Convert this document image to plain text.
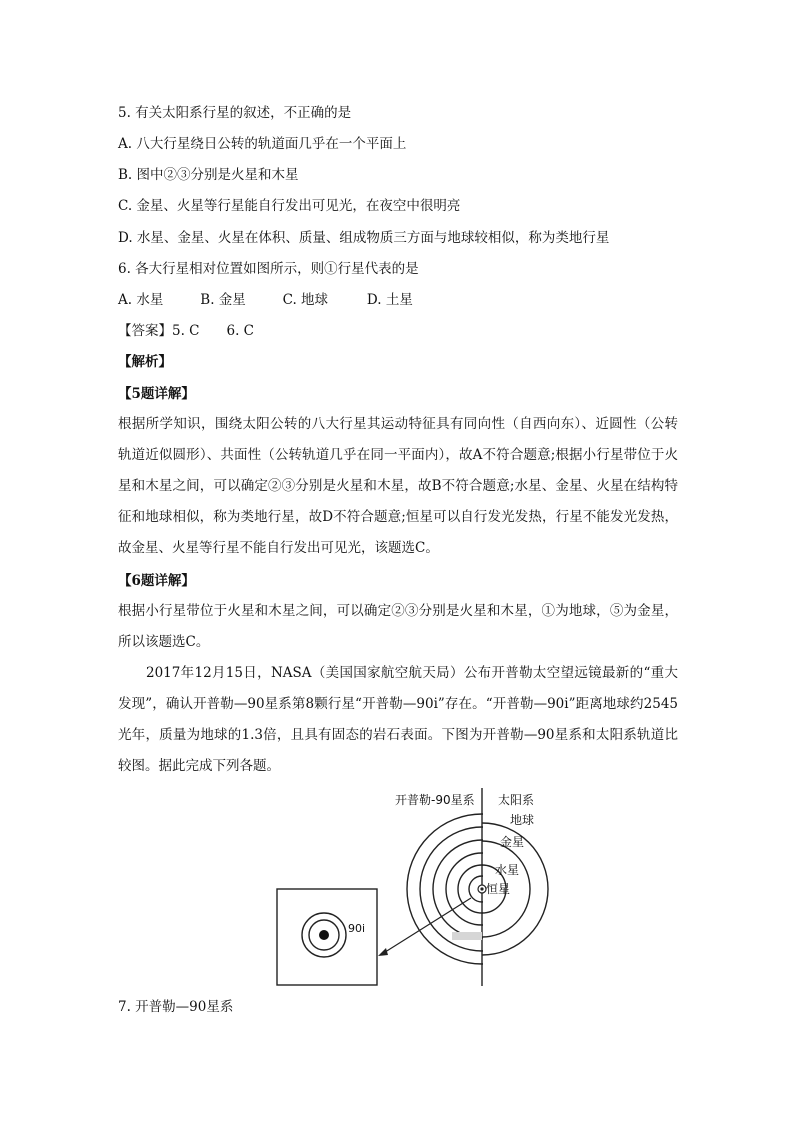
5. 有关太阳系行星的叙述，不正确的是
A. 八大行星绕日公转的轨道面几乎在一个平面上
B. 图中②③分别是火星和木星
C. 金星、火星等行星能自行发出可见光，在夜空中很明亮
D. 水星、金星、火星在体积、质量、组成物质三方面与地球较相似，称为类地行星
6. 各大行星相对位置如图所示，则①行星代表的是
A. 水星	B. 金星	C. 地球	D. 土星
【答案】5. C　　6. C
【解析】
【5题详解】
根据所学知识，围绕太阳公转的八大行星其运动特征具有同向性（自西向东）、近圆性（公转轨道近似圆形）、共面性（公转轨道几乎在同一平面内），故A不符合题意;根据小行星带位于火星和木星之间，可以确定②③分别是火星和木星，故B不符合题意;水星、金星、火星在结构特征和地球相似，称为类地行星，故D不符合题意;恒星可以自行发光发热，行星不能发光发热，故金星、火星等行星不能自行发出可见光，该题选C。
【6题详解】
根据小行星带位于火星和木星之间，可以确定②③分别是火星和木星，①为地球，⑤为金星，所以该题选C。
2017年12月15日，NASA（美国国家航空航天局）公布开普勒太空望远镜最新的“重大发现”，确认开普勒—90星系第8颗行星“开普勒—90i”存在。“开普勒—90i”距离地球约2545光年，质量为地球的1.3倍，且具有固态的岩石表面。下图为开普勒—90星系和太阳系轨道比较图。据此完成下列各题。
开普勒-90星系 太阳系
地球
金星
水星
恒星
90i
7. 开普勒—90星系
